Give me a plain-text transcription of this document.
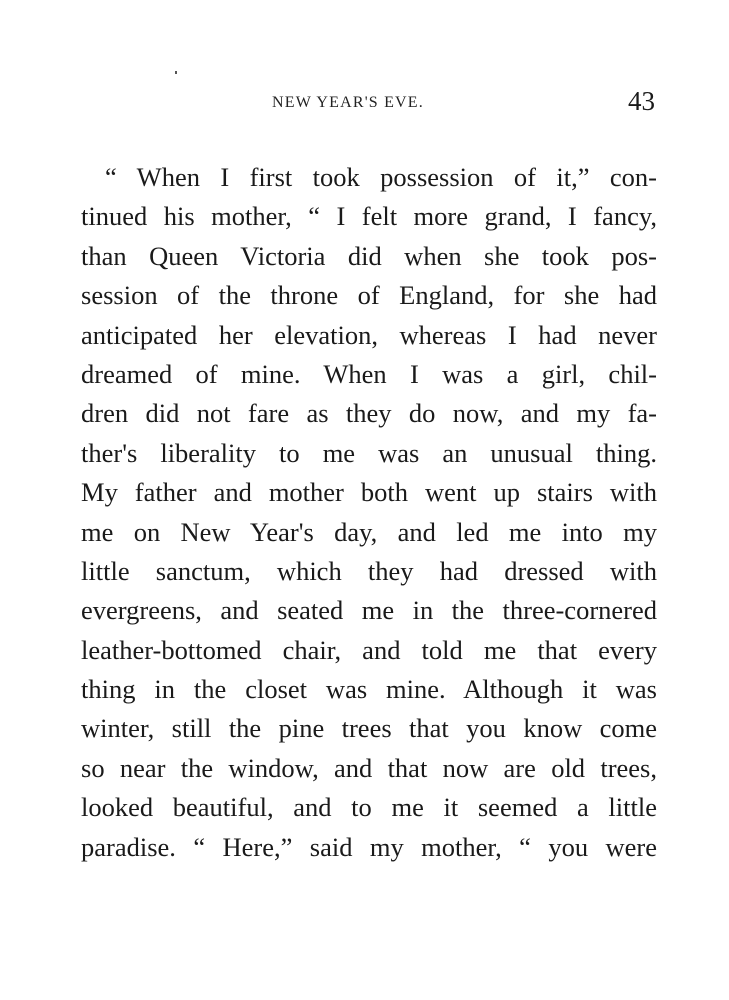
NEW YEAR'S EVE.	43
“ When I first took possession of it,” con-
tinued his mother, “ I felt more grand, I fancy,
than Queen Victoria did when she took pos-
session of the throne of England, for she had
anticipated her elevation, whereas I had never
dreamed of mine. When I was a girl, chil-
dren did not fare as they do now, and my fa-
ther's liberality to me was an unusual thing.
My father and mother both went up stairs with
me on New Year's day, and led me into my
little sanctum, which they had dressed with
evergreens, and seated me in the three-cornered
leather-bottomed chair, and told me that every
thing in the closet was mine. Although it was
winter, still the pine trees that you know come
so near the window, and that now are old trees,
looked beautiful, and to me it seemed a little
paradise. “ Here,” said my mother, “ you were
